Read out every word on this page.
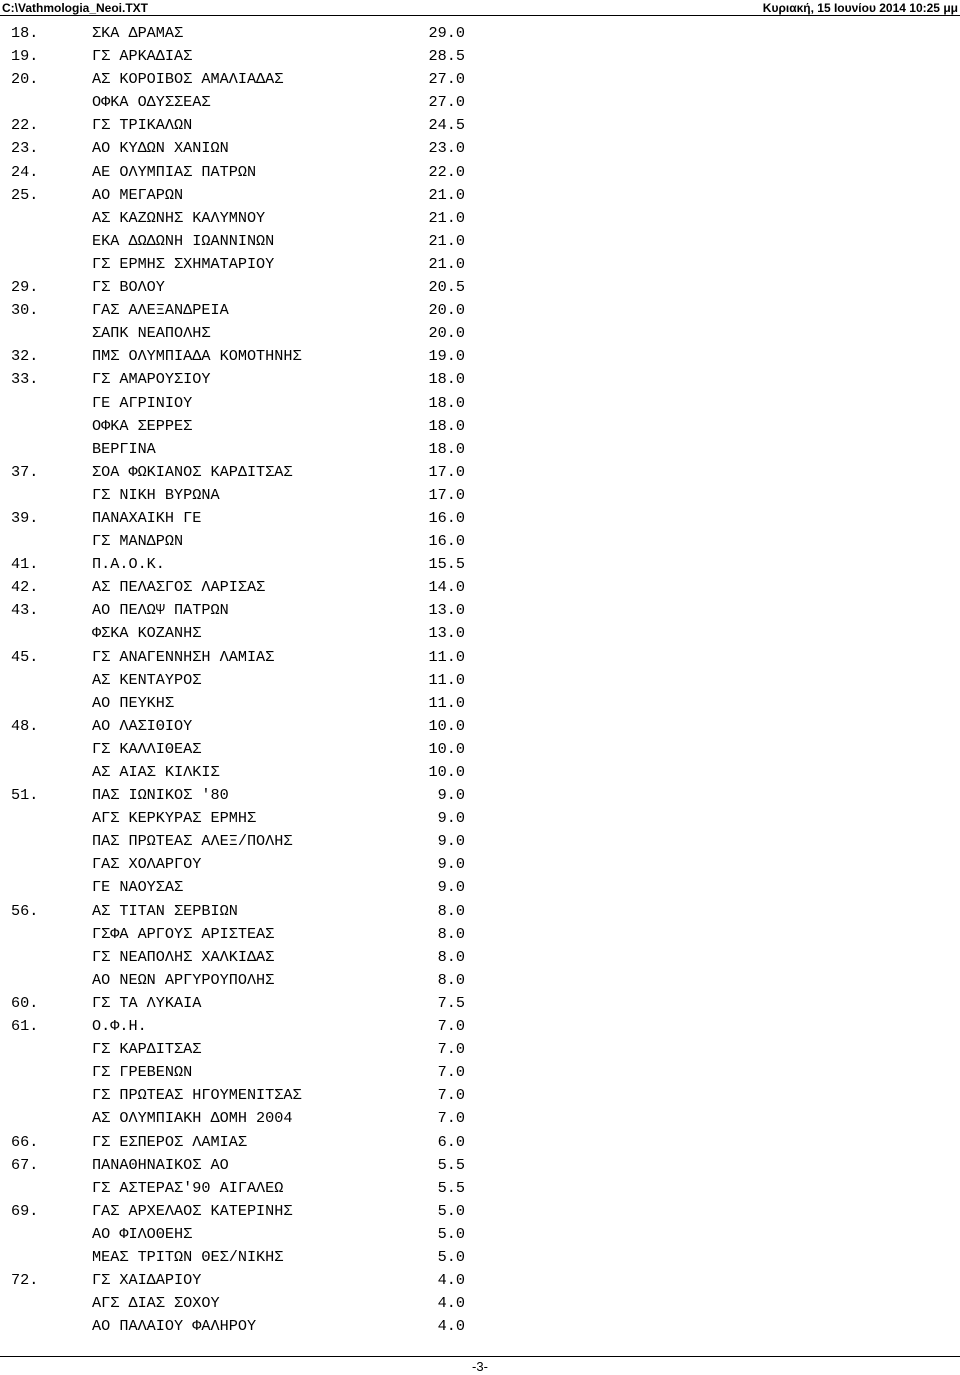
C:\Vathmologia_Neoi.TXT	Κυριακή, 15 Ιουνίου 2014 10:25 μμ
18.	ΣΚΑ ΔΡΑΜΑΣ	29.0
19.	ΓΣ ΑΡΚΑΔΙΑΣ	28.5
20.	ΑΣ ΚΟΡΟΙΒΟΣ ΑΜΑΛΙΑΔΑΣ	27.0
ΟΦΚΑ ΟΔΥΣΣΕΑΣ	27.0
22.	ΓΣ ΤΡΙΚΑΛΩΝ	24.5
23.	ΑΟ ΚΥΔΩΝ ΧΑΝΙΩΝ	23.0
24.	ΑΕ ΟΛΥΜΠΙΑΣ ΠΑΤΡΩΝ	22.0
25.	ΑΟ ΜΕΓΑΡΩΝ	21.0
ΑΣ ΚΑΖΩΝΗΣ ΚΑΛΥΜΝΟΥ	21.0
ΕΚΑ ΔΩΔΩΝΗ ΙΩΑΝΝΙΝΩΝ	21.0
ΓΣ ΕΡΜΗΣ ΣΧΗΜΑΤΑΡΙΟΥ	21.0
29.	ΓΣ ΒΟΛΟΥ	20.5
30.	ΓΑΣ ΑΛΕΞΑΝΔΡΕΙΑ	20.0
ΣΑΠΚ ΝΕΑΠΟΛΗΣ	20.0
32.	ΠΜΣ ΟΛΥΜΠΙΑΔΑ ΚΟΜΟΤΗΝΗΣ	19.0
33.	ΓΣ ΑΜΑΡΟΥΣΙΟΥ	18.0
ΓΕ ΑΓΡΙΝΙΟΥ	18.0
ΟΦΚΑ ΣΕΡΡΕΣ	18.0
ΒΕΡΓΙΝΑ	18.0
37.	ΣΟΑ ΦΩΚΙΑΝΟΣ ΚΑΡΔΙΤΣΑΣ	17.0
ΓΣ ΝΙΚΗ ΒΥΡΩΝΑ	17.0
39.	ΠΑΝΑΧΑΙΚΗ ΓΕ	16.0
ΓΣ ΜΑΝΔΡΩΝ	16.0
41.	Π.Α.Ο.Κ.	15.5
42.	ΑΣ ΠΕΛΑΣΓΟΣ ΛΑΡΙΣΑΣ	14.0
43.	ΑΟ ΠΕΛΩΨ ΠΑΤΡΩΝ	13.0
ΦΣΚΑ ΚΟΖΑΝΗΣ	13.0
45.	ΓΣ ΑΝΑΓΕΝΝΗΣΗ ΛΑΜΙΑΣ	11.0
ΑΣ ΚΕΝΤΑΥΡΟΣ	11.0
ΑΟ ΠΕΥΚΗΣ	11.0
48.	ΑΟ ΛΑΣΙΘΙΟΥ	10.0
ΓΣ ΚΑΛΛΙΘΕΑΣ	10.0
ΑΣ ΑΙΑΣ ΚΙΛΚΙΣ	10.0
51.	ΠΑΣ ΙΩΝΙΚΟΣ '80	9.0
ΑΓΣ ΚΕΡΚΥΡΑΣ ΕΡΜΗΣ	9.0
ΠΑΣ ΠΡΩΤΕΑΣ ΑΛΕΞ/ΠΟΛΗΣ	9.0
ΓΑΣ ΧΟΛΑΡΓΟΥ	9.0
ΓΕ ΝΑΟΥΣΑΣ	9.0
56.	ΑΣ ΤΙΤΑΝ ΣΕΡΒΙΩΝ	8.0
ΓΣΦΑ ΑΡΓΟΥΣ ΑΡΙΣΤΕΑΣ	8.0
ΓΣ ΝΕΑΠΟΛΗΣ ΧΑΛΚΙΔΑΣ	8.0
ΑΟ ΝΕΩΝ ΑΡΓΥΡΟΥΠΟΛΗΣ	8.0
60.	ΓΣ ΤΑ ΛΥΚΑΙΑ	7.5
61.	Ο.Φ.Η.	7.0
ΓΣ ΚΑΡΔΙΤΣΑΣ	7.0
ΓΣ ΓΡΕΒΕΝΩΝ	7.0
ΓΣ ΠΡΩΤΕΑΣ ΗΓΟΥΜΕΝΙΤΣΑΣ	7.0
ΑΣ ΟΛΥΜΠΙΑΚΗ ΔΟΜΗ 2004	7.0
66.	ΓΣ ΕΣΠΕΡΟΣ ΛΑΜΙΑΣ	6.0
67.	ΠΑΝΑΘΗΝΑΙΚΟΣ ΑΟ	5.5
ΓΣ ΑΣΤΕΡΑΣ'90 ΑΙΓΑΛΕΩ	5.5
69.	ΓΑΣ ΑΡΧΕΛΑΟΣ ΚΑΤΕΡΙΝΗΣ	5.0
ΑΟ ΦΙΛΟΘΕΗΣ	5.0
ΜΕΑΣ ΤΡΙΤΩΝ ΘΕΣ/ΝΙΚΗΣ	5.0
72.	ΓΣ ΧΑΙΔΑΡΙΟΥ	4.0
ΑΓΣ ΔΙΑΣ ΣΟΧΟΥ	4.0
ΑΟ ΠΑΛΑΙΟΥ ΦΑΛΗΡΟΥ	4.0
-3-
